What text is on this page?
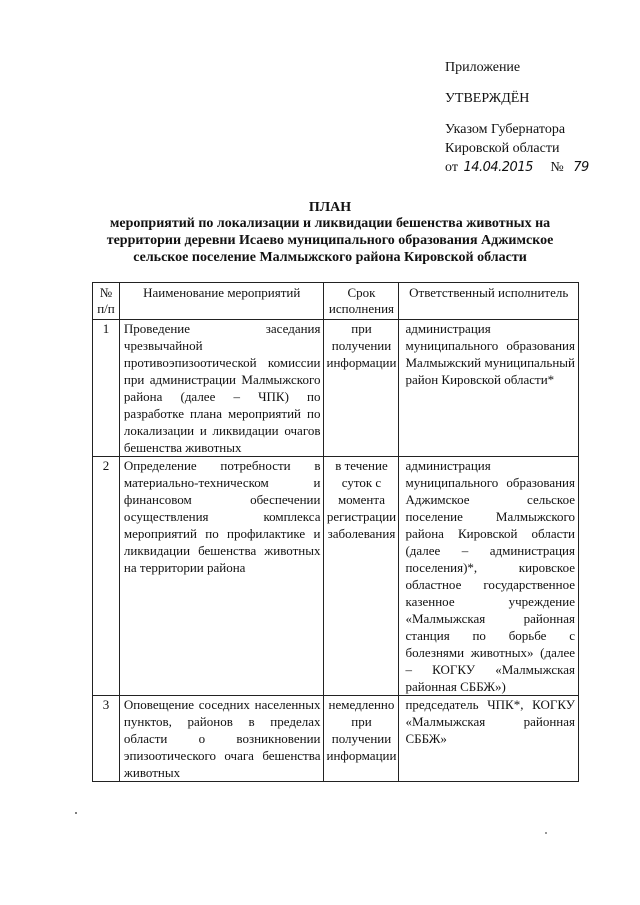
Приложение
УТВЕРЖДЁН
Указом Губернатора
Кировской области
от 14.04.2015 № 79
ПЛАН
мероприятий по локализации и ликвидации бешенства животных на территории деревни Исаево муниципального образования Аджимское сельское поселение Малмыжского района Кировской области
№ п/п	Наименование мероприятий	Срок исполнения	Ответственный исполнитель
1	Проведение заседания чрезвычайной противоэпизоотической комиссии при администрации Малмыжского района (далее – ЧПК) по разработке плана мероприятий по локализации и ликвидации очагов бешенства животных	при получении информации	администрация муниципального образования Малмыжский муниципальный район Кировской области*
2	Определение потребности в материально-техническом и финансовом обеспечении осуществления комплекса мероприятий по профилактике и ликвидации бешенства животных на территории района	в течение суток с момента регистрации заболевания	администрация муниципального образования Аджимское сельское поселение Малмыжского района Кировской области (далее – администрация поселения)*, кировское областное государственное казенное учреждение «Малмыжская районная станция по борьбе с болезнями животных» (далее – КОГКУ «Малмыжская районная СББЖ»)
3	Оповещение соседних населенных пунктов, районов в пределах области о возникновении эпизоотического очага бешенства животных	немедленно при получении информации	председатель ЧПК*, КОГКУ «Малмыжская районная СББЖ»
